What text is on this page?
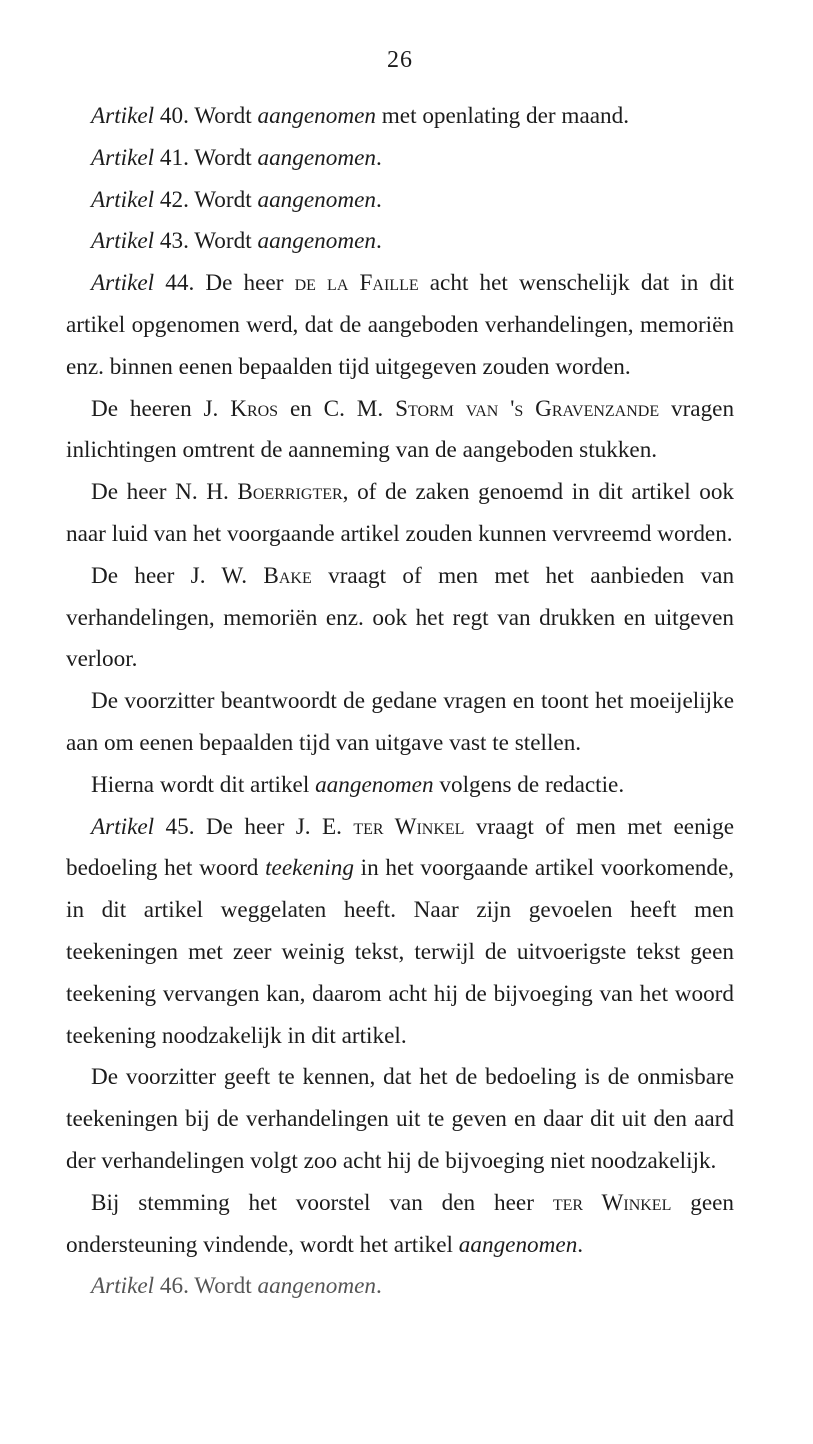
26

Artikel 40. Wordt aangenomen met openlating der maand.

Artikel 41. Wordt aangenomen.

Artikel 42. Wordt aangenomen.

Artikel 43. Wordt aangenomen.

Artikel 44. De heer de la Faille acht het wenschelijk dat in dit artikel opgenomen werd, dat de aangeboden verhandelingen, memoriën enz. binnen eenen bepaalden tijd uitgegeven zouden worden.

De heeren J. Kros en C. M. Storm van 's Gravenzande vragen inlichtingen omtrent de aanneming van de aangeboden stukken.

De heer N. H. Boerrigter, of de zaken genoemd in dit artikel ook naar luid van het voorgaande artikel zouden kunnen vervreemd worden.

De heer J. W. Bake vraagt of men met het aanbieden van verhandelingen, memoriën enz. ook het regt van drukken en uitgeven verloor.

De voorzitter beantwoordt de gedane vragen en toont het moeijelijke aan om eenen bepaalden tijd van uitgave vast te stellen.

Hierna wordt dit artikel aangenomen volgens de redactie.

Artikel 45. De heer J. E. ter Winkel vraagt of men met eenige bedoeling het woord teekening in het voorgaande artikel voorkomende, in dit artikel weggelaten heeft. Naar zijn gevoelen heeft men teekeningen met zeer weinig tekst, terwijl de uitvoerigste tekst geen teekening vervangen kan, daarom acht hij de bijvoeging van het woord teekening noodzakelijk in dit artikel.

De voorzitter geeft te kennen, dat het de bedoeling is de onmisbare teekeningen bij de verhandelingen uit te geven en daar dit uit den aard der verhandelingen volgt zoo acht hij de bijvoeging niet noodzakelijk.

Bij stemming het voorstel van den heer ter Winkel geen ondersteuning vindende, wordt het artikel aangenomen.

Artikel 46. Wordt aangenomen.
